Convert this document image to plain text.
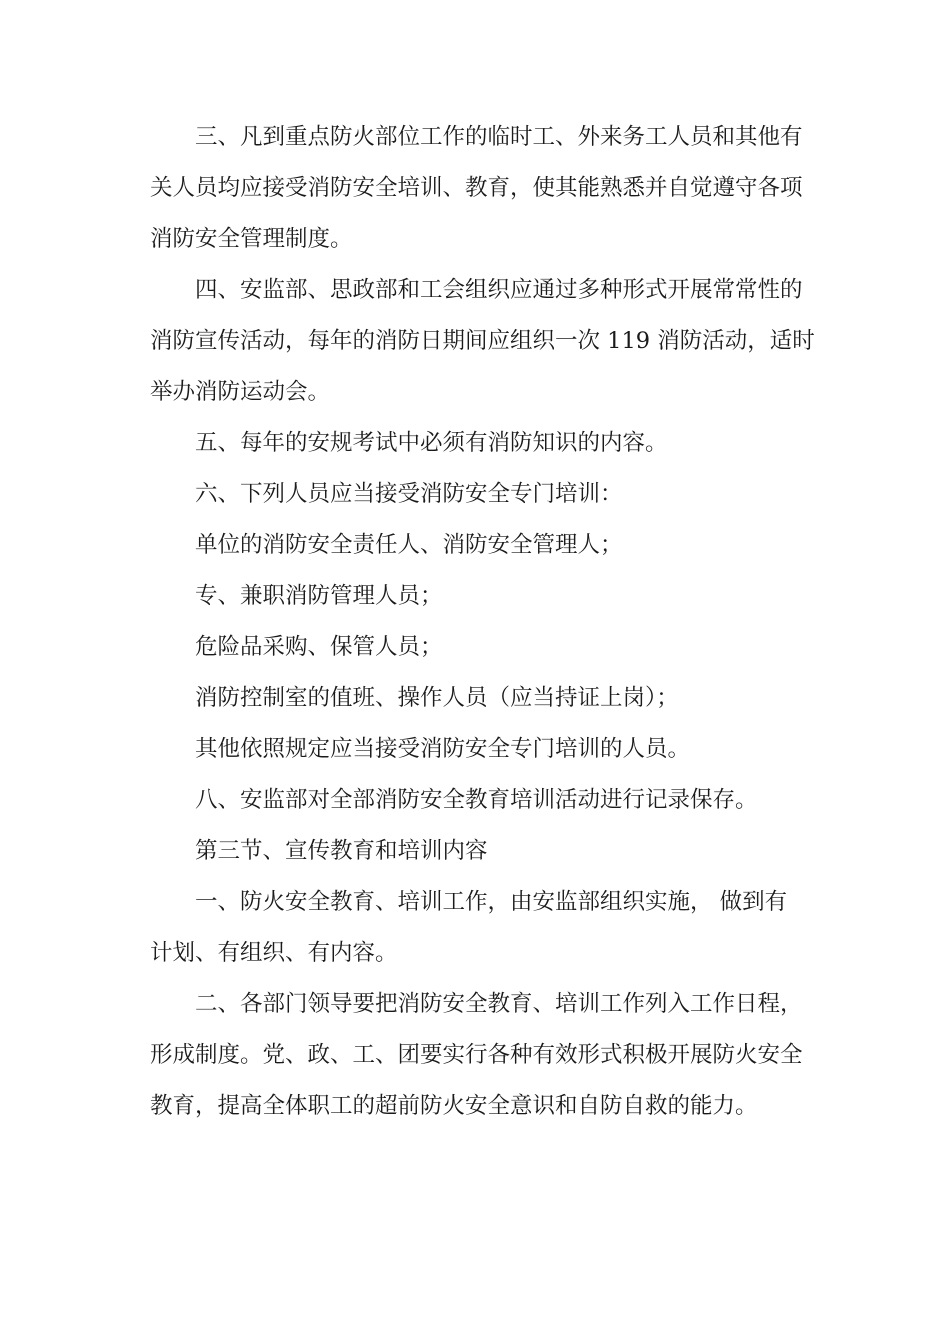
三、凡到重点防火部位工作的临时工、外来务工人员和其他有
关人员均应接受消防安全培训、教育，使其能熟悉并自觉遵守各项
消防安全管理制度。

四、安监部、思政部和工会组织应通过多种形式开展常常性的
消防宣传活动，每年的消防日期间应组织一次 119 消防活动，适时
举办消防运动会。

五、每年的安规考试中必须有消防知识的内容。

六、下列人员应当接受消防安全专门培训：

单位的消防安全责任人、消防安全管理人；

专、兼职消防管理人员；

危险品采购、保管人员；

消防控制室的值班、操作人员（应当持证上岗）；

其他依照规定应当接受消防安全专门培训的人员。

八、安监部对全部消防安全教育培训活动进行记录保存。

第三节、宣传教育和培训内容

一、防火安全教育、培训工作，由安监部组织实施， 做到有
计划、有组织、有内容。

二、各部门领导要把消防安全教育、培训工作列入工作日程，
形成制度。党、政、工、团要实行各种有效形式积极开展防火安全
教育，提高全体职工的超前防火安全意识和自防自救的能力。
